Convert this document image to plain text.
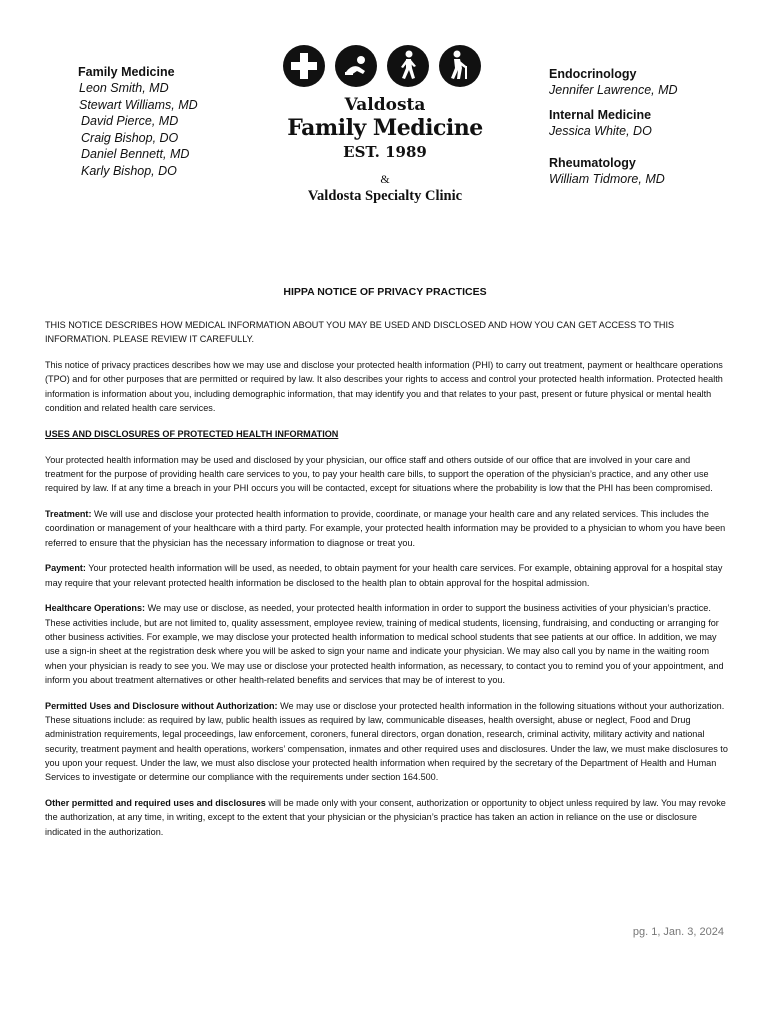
Family Medicine

Leon Smith, MD

Stewart Williams, MD

David Pierce, MD

Craig Bishop, DO

Daniel Bennett, MD

Karly Bishop, DO

Valdosta
Family Medicine
EST. 1989
&
Valdosta Specialty Clinic

Endocrinology

Jennifer Lawrence, MD

Internal Medicine

Jessica White, DO

Rheumatology

William Tidmore, MD

HIPPA NOTICE OF PRIVACY PRACTICES

THIS NOTICE DESCRIBES HOW MEDICAL INFORMATION ABOUT YOU MAY BE USED AND DISCLOSED AND HOW YOU CAN GET ACCESS TO THIS INFORMATION. PLEASE REVIEW IT CAREFULLY.

This notice of privacy practices describes how we may use and disclose your protected health information (PHI) to carry out treatment, payment or healthcare operations (TPO) and for other purposes that are permitted or required by law. It also describes your rights to access and control your protected health information. Protected health information is information about you, including demographic information, that may identify you and that relates to your past, present or future physical or mental health condition and related health care services.

USES AND DISCLOSURES OF PROTECTED HEALTH INFORMATION

Your protected health information may be used and disclosed by your physician, our office staff and others outside of our office that are involved in your care and treatment for the purpose of providing health care services to you, to pay your health care bills, to support the operation of the physician’s practice, and any other use required by law. If at any time a breach in your PHI occurs you will be contacted, except for situations where the probability is low that the PHI has been compromised.

Treatment: We will use and disclose your protected health information to provide, coordinate, or manage your health care and any related services. This includes the coordination or management of your healthcare with a third party. For example, your protected health information may be provided to a physician to whom you have been referred to ensure that the physician has the necessary information to diagnose or treat you.

Payment: Your protected health information will be used, as needed, to obtain payment for your health care services. For example, obtaining approval for a hospital stay may require that your relevant protected health information be disclosed to the health plan to obtain approval for the hospital admission.

Healthcare Operations: We may use or disclose, as needed, your protected health information in order to support the business activities of your physician’s practice. These activities include, but are not limited to, quality assessment, employee review, training of medical students, licensing, fundraising, and conducting or arranging for other business activities. For example, we may disclose your protected health information to medical school students that see patients at our office. In addition, we may use a sign-in sheet at the registration desk where you will be asked to sign your name and indicate your physician. We may also call you by name in the waiting room when your physician is ready to see you. We may use or disclose your protected health information, as necessary, to contact you to remind you of your appointment, and inform you about treatment alternatives or other health-related benefits and services that may be of interest to you.

Permitted Uses and Disclosure without Authorization: We may use or disclose your protected health information in the following situations without your authorization. These situations include: as required by law, public health issues as required by law, communicable diseases, health oversight, abuse or neglect, Food and Drug administration requirements, legal proceedings, law enforcement, coroners, funeral directors, organ donation, research, criminal activity, military activity and national security, treatment payment and health operations, workers’ compensation, inmates and other required uses and disclosures. Under the law, we must make disclosures to you upon your request. Under the law, we must also disclose your protected health information when required by the secretary of the Department of Health and Human Services to investigate or determine our compliance with the requirements under section 164.500.

Other permitted and required uses and disclosures will be made only with your consent, authorization or opportunity to object unless required by law. You may revoke the authorization, at any time, in writing, except to the extent that your physician or the physician’s practice has taken an action in reliance on the use or disclosure indicated in the authorization.

pg. 1, Jan. 3, 2024
